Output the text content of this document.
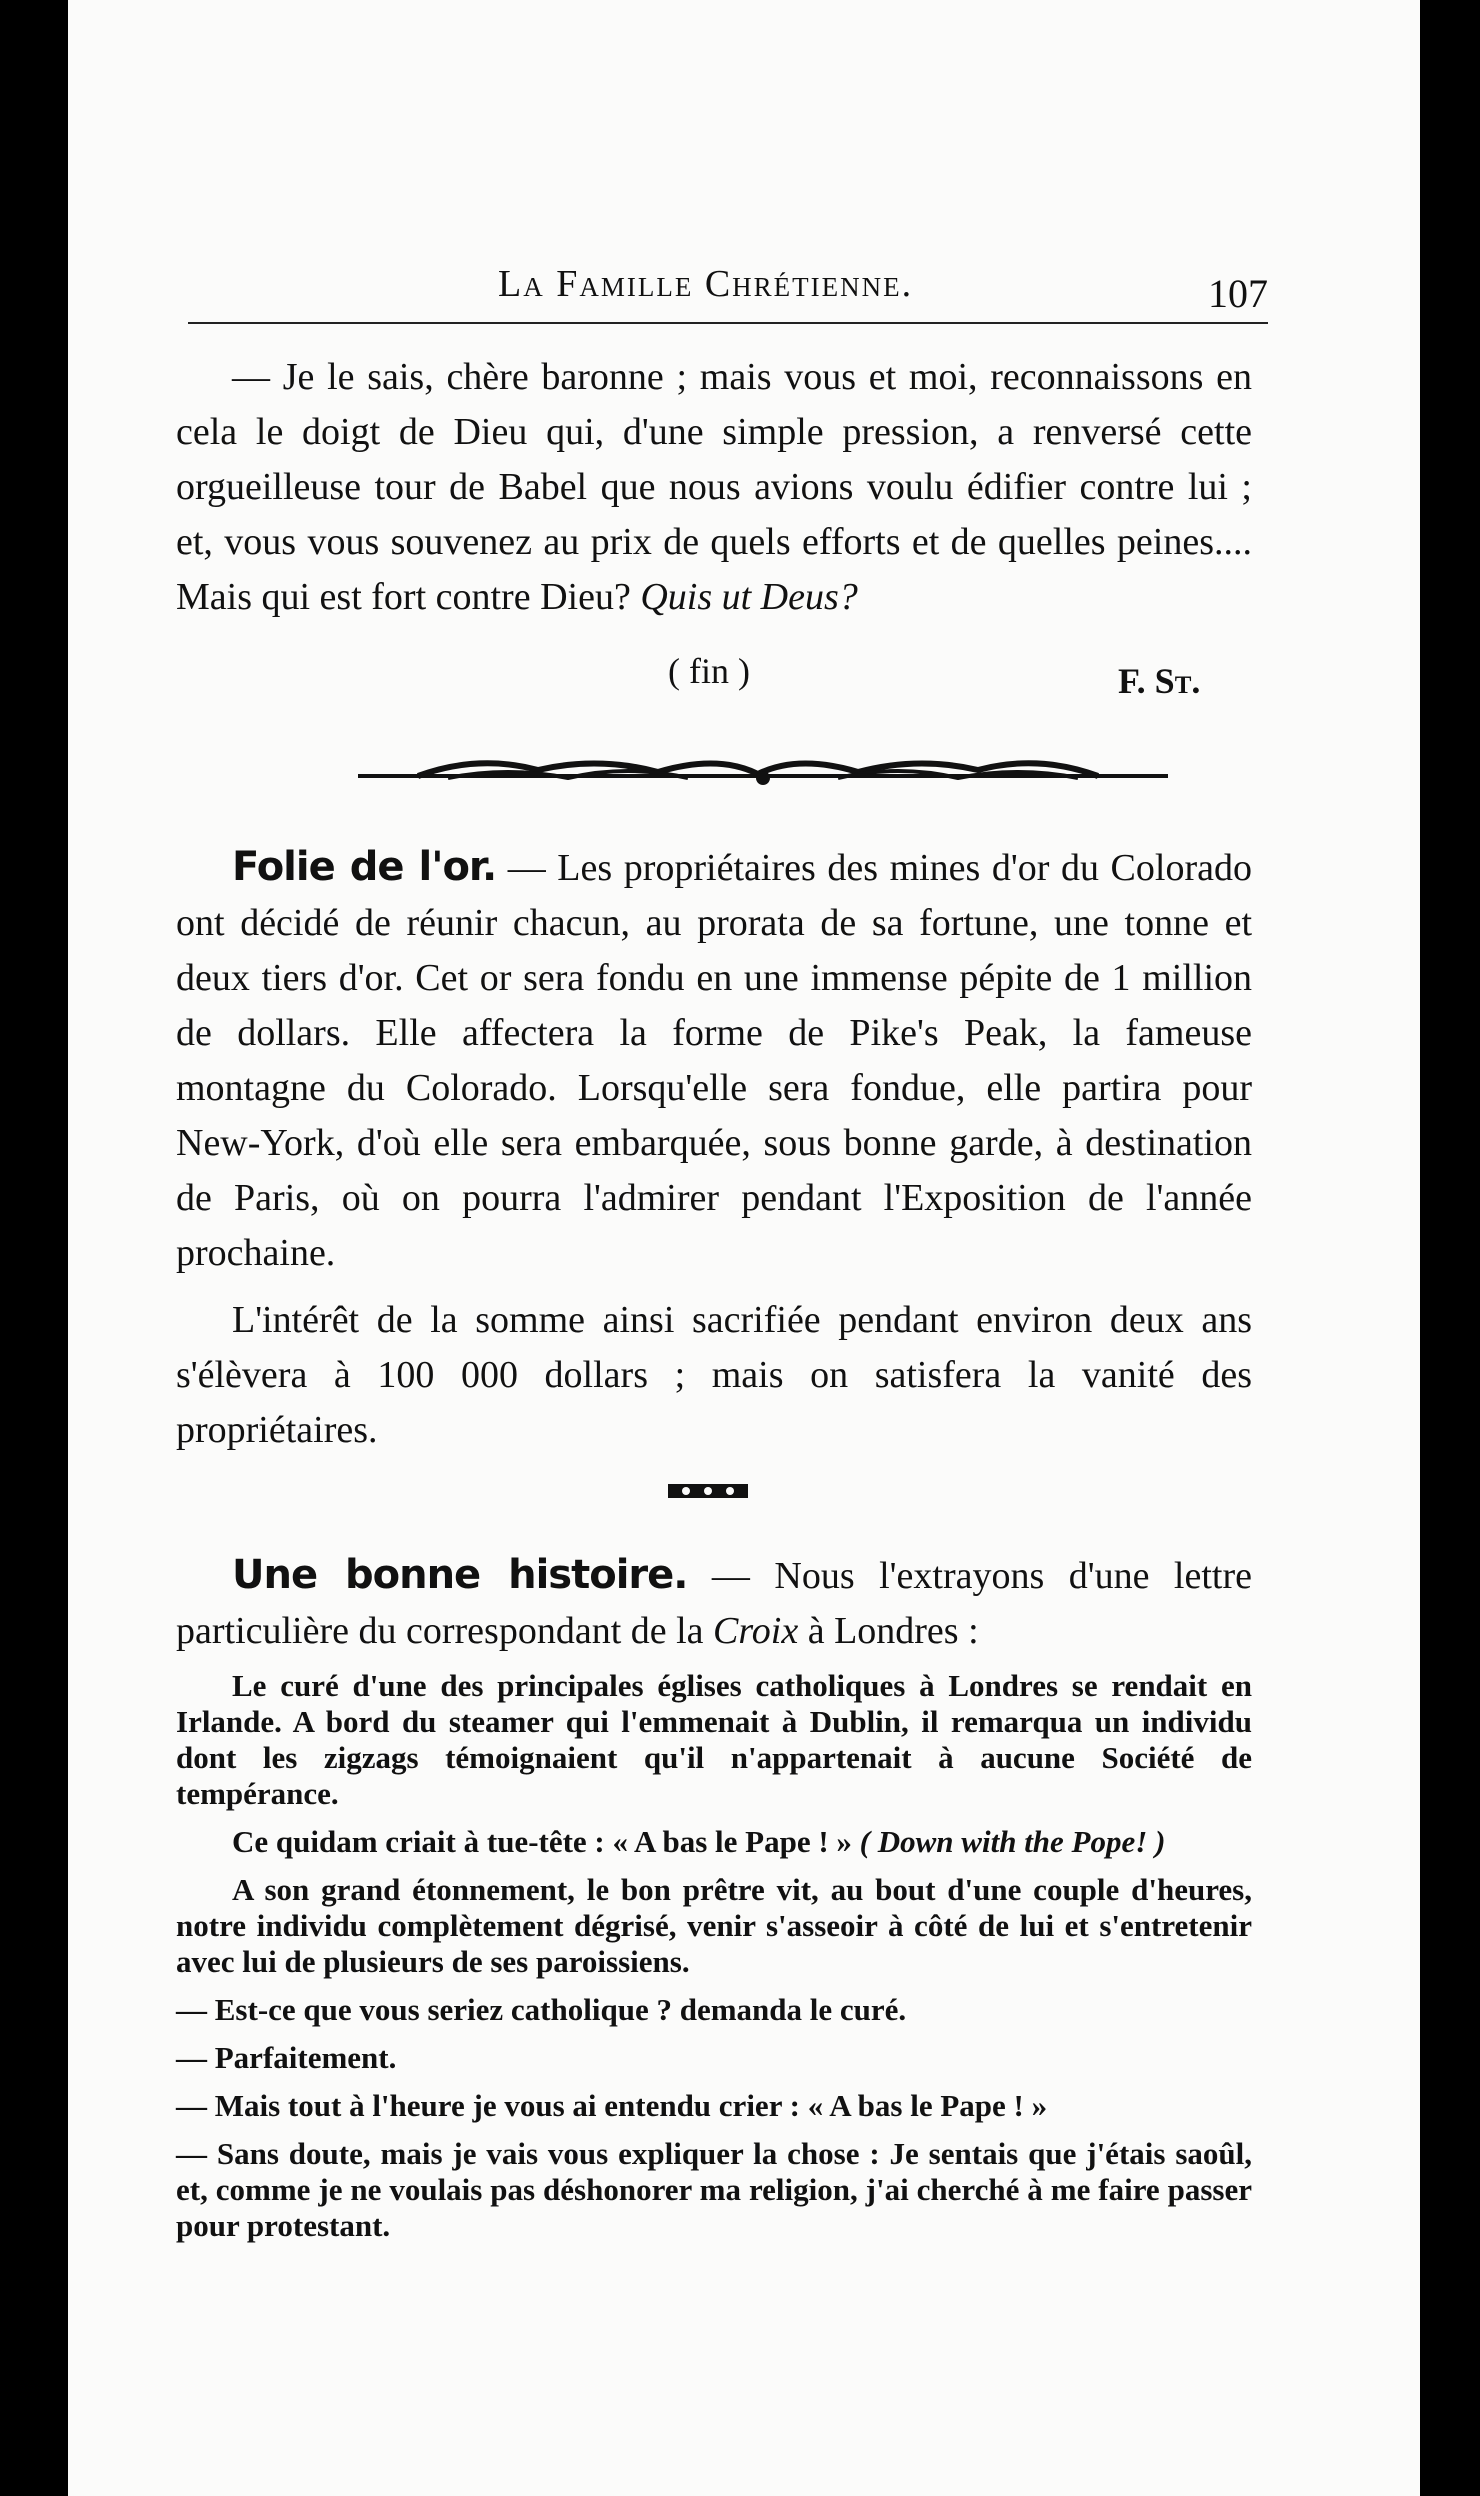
La Famille Chrétienne.	107

— Je le sais, chère baronne ; mais vous et moi, reconnaissons en cela le doigt de Dieu qui, d'une simple pression, a renversé cette orgueilleuse tour de Babel que nous avions voulu édifier contre lui ; et, vous vous souvenez au prix de quels efforts et de quelles peines.... Mais qui est fort contre Dieu? Quis ut Deus?

F. St.
( fin )

Folie de l'or. — Les propriétaires des mines d'or du Colorado ont décidé de réunir chacun, au prorata de sa fortune, une tonne et deux tiers d'or. Cet or sera fondu en une immense pépite de 1 million de dollars. Elle affectera la forme de Pike's Peak, la fameuse montagne du Colorado. Lorsqu'elle sera fondue, elle partira pour New-York, d'où elle sera embarquée, sous bonne garde, à destination de Paris, où on pourra l'admirer pendant l'Exposition de l'année prochaine.

L'intérêt de la somme ainsi sacrifiée pendant environ deux ans s'élèvera à 100 000 dollars ; mais on satisfera la vanité des propriétaires.

Une bonne histoire. — Nous l'extrayons d'une lettre particulière du correspondant de la Croix à Londres :

Le curé d'une des principales églises catholiques à Londres se rendait en Irlande. A bord du steamer qui l'emmenait à Dublin, il remarqua un individu dont les zigzags témoignaient qu'il n'appartenait à aucune Société de tempérance.

Ce quidam criait à tue-tête : « A bas le Pape ! » ( Down with the Pope! )

A son grand étonnement, le bon prêtre vit, au bout d'une couple d'heures, notre individu complètement dégrisé, venir s'asseoir à côté de lui et s'entretenir avec lui de plusieurs de ses paroissiens.

— Est-ce que vous seriez catholique ? demanda le curé.

— Parfaitement.

— Mais tout à l'heure je vous ai entendu crier : « A bas le Pape ! »

— Sans doute, mais je vais vous expliquer la chose : Je sentais que j'étais saoûl, et, comme je ne voulais pas déshonorer ma religion, j'ai cherché à me faire passer pour protestant.
